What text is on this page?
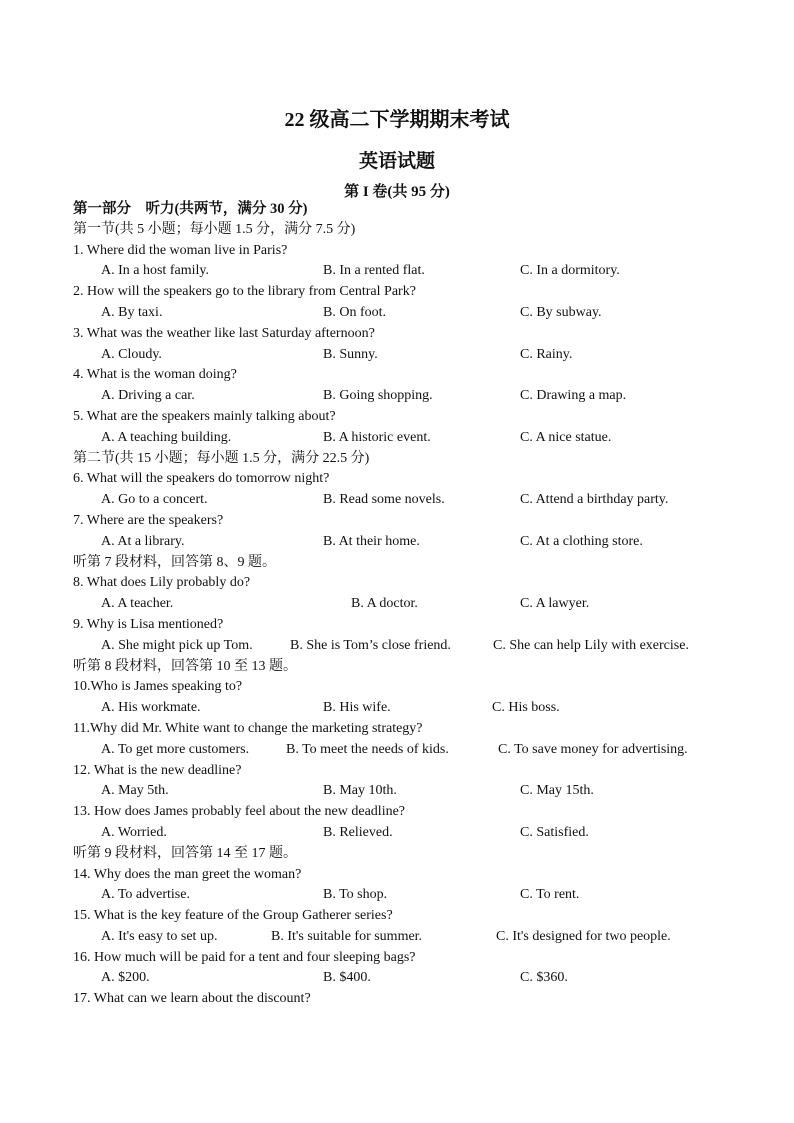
22 级高二下学期期末考试
英语试题
第 I 卷(共 95 分)
第一部分　听力(共两节，满分 30 分)
第一节(共 5 小题；每小题 1.5 分，满分 7.5 分)
1. Where did the woman live in Paris?
A. In a host family.	B. In a rented flat.	C. In a dormitory.
2. How will the speakers go to the library from Central Park?
A. By taxi.	B. On foot.	C. By subway.
3. What was the weather like last Saturday afternoon?
A. Cloudy.	B. Sunny.	C. Rainy.
4. What is the woman doing?
A. Driving a car.	B. Going shopping.	C. Drawing a map.
5. What are the speakers mainly talking about?
A. A teaching building.	B. A historic event.	C. A nice statue.
第二节(共 15 小题；每小题 1.5 分，满分 22.5 分)
6. What will the speakers do tomorrow night?
A. Go to a concert.	B. Read some novels.	C. Attend a birthday party.
7. Where are the speakers?
A. At a library.	B. At their home.	C. At a clothing store.
听第 7 段材料，回答第 8、9 题。
8. What does Lily probably do?
A. A teacher.	B. A doctor.	C. A lawyer.
9. Why is Lisa mentioned?
A. She might pick up Tom.	B. She is Tom’s close friend.	C. She can help Lily with exercise.
听第 8 段材料，回答第 10 至 13 题。
10.Who is James speaking to?
A. His workmate.	B. His wife.	C. His boss.
11.Why did Mr. White want to change the marketing strategy?
A. To get more customers.	B. To meet the needs of kids.	C. To save money for advertising.
12. What is the new deadline?
A. May 5th.	B. May 10th.	C. May 15th.
13. How does James probably feel about the new deadline?
A. Worried.	B. Relieved.	C. Satisfied.
听第 9 段材料，回答第 14 至 17 题。
14. Why does the man greet the woman?
A. To advertise.	B. To shop.	C. To rent.
15. What is the key feature of the Group Gatherer series?
A. It's easy to set up.	B. It's suitable for summer.	C. It's designed for two people.
16. How much will be paid for a tent and four sleeping bags?
A. $200.	B. $400.	C. $360.
17. What can we learn about the discount?
